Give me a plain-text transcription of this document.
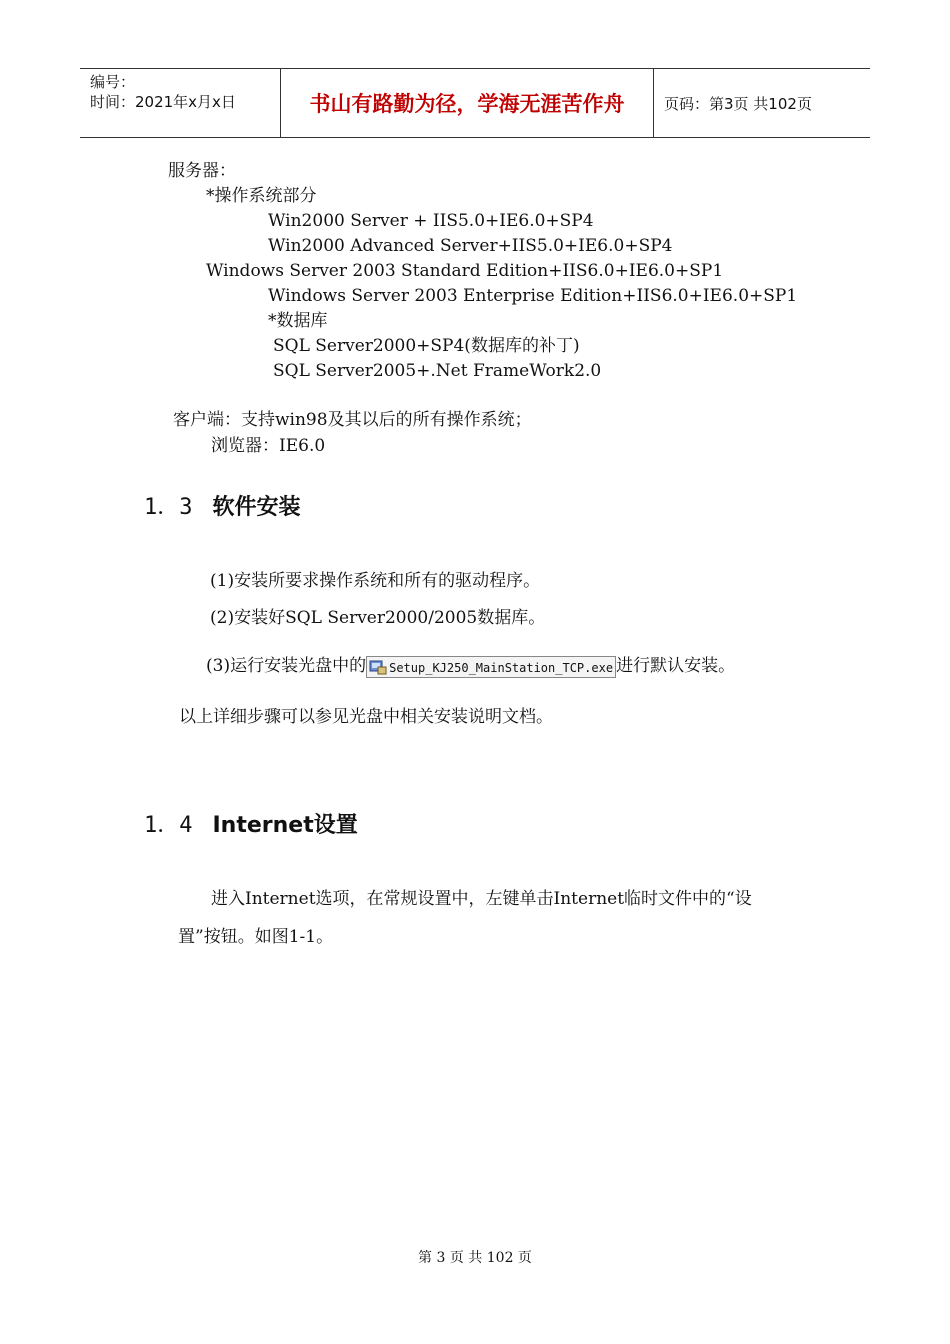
编号：
时间：2021年x月x日	书山有路勤为径，学海无涯苦作舟	页码：第3页 共102页
服务器：
*操作系统部分
Win2000 Server + IIS5.0+IE6.0+SP4
Win2000 Advanced Server+IIS5.0+IE6.0+SP4
Windows Server 2003 Standard Edition+IIS6.0+IE6.0+SP1
Windows Server 2003 Enterprise Edition+IIS6.0+IE6.0+SP1
*数据库
SQL Server2000+SP4(数据库的补丁)
SQL Server2005+.Net FrameWork2.0
客户端：支持win98及其以后的所有操作系统；
浏览器：IE6.0
1．3 软件安装
(1)安装所要求操作系统和所有的驱动程序。
(2)安装好SQL Server2000/2005数据库。
(3)运行安装光盘中的 Setup_KJ250_MainStation_TCP.exe 进行默认安装。
以上详细步骤可以参见光盘中相关安装说明文档。
1．4 Internet设置
进入Internet选项，在常规设置中，左键单击Internet临时文件中的“设
置”按钮。如图1-1。
第 3 页 共 102 页
